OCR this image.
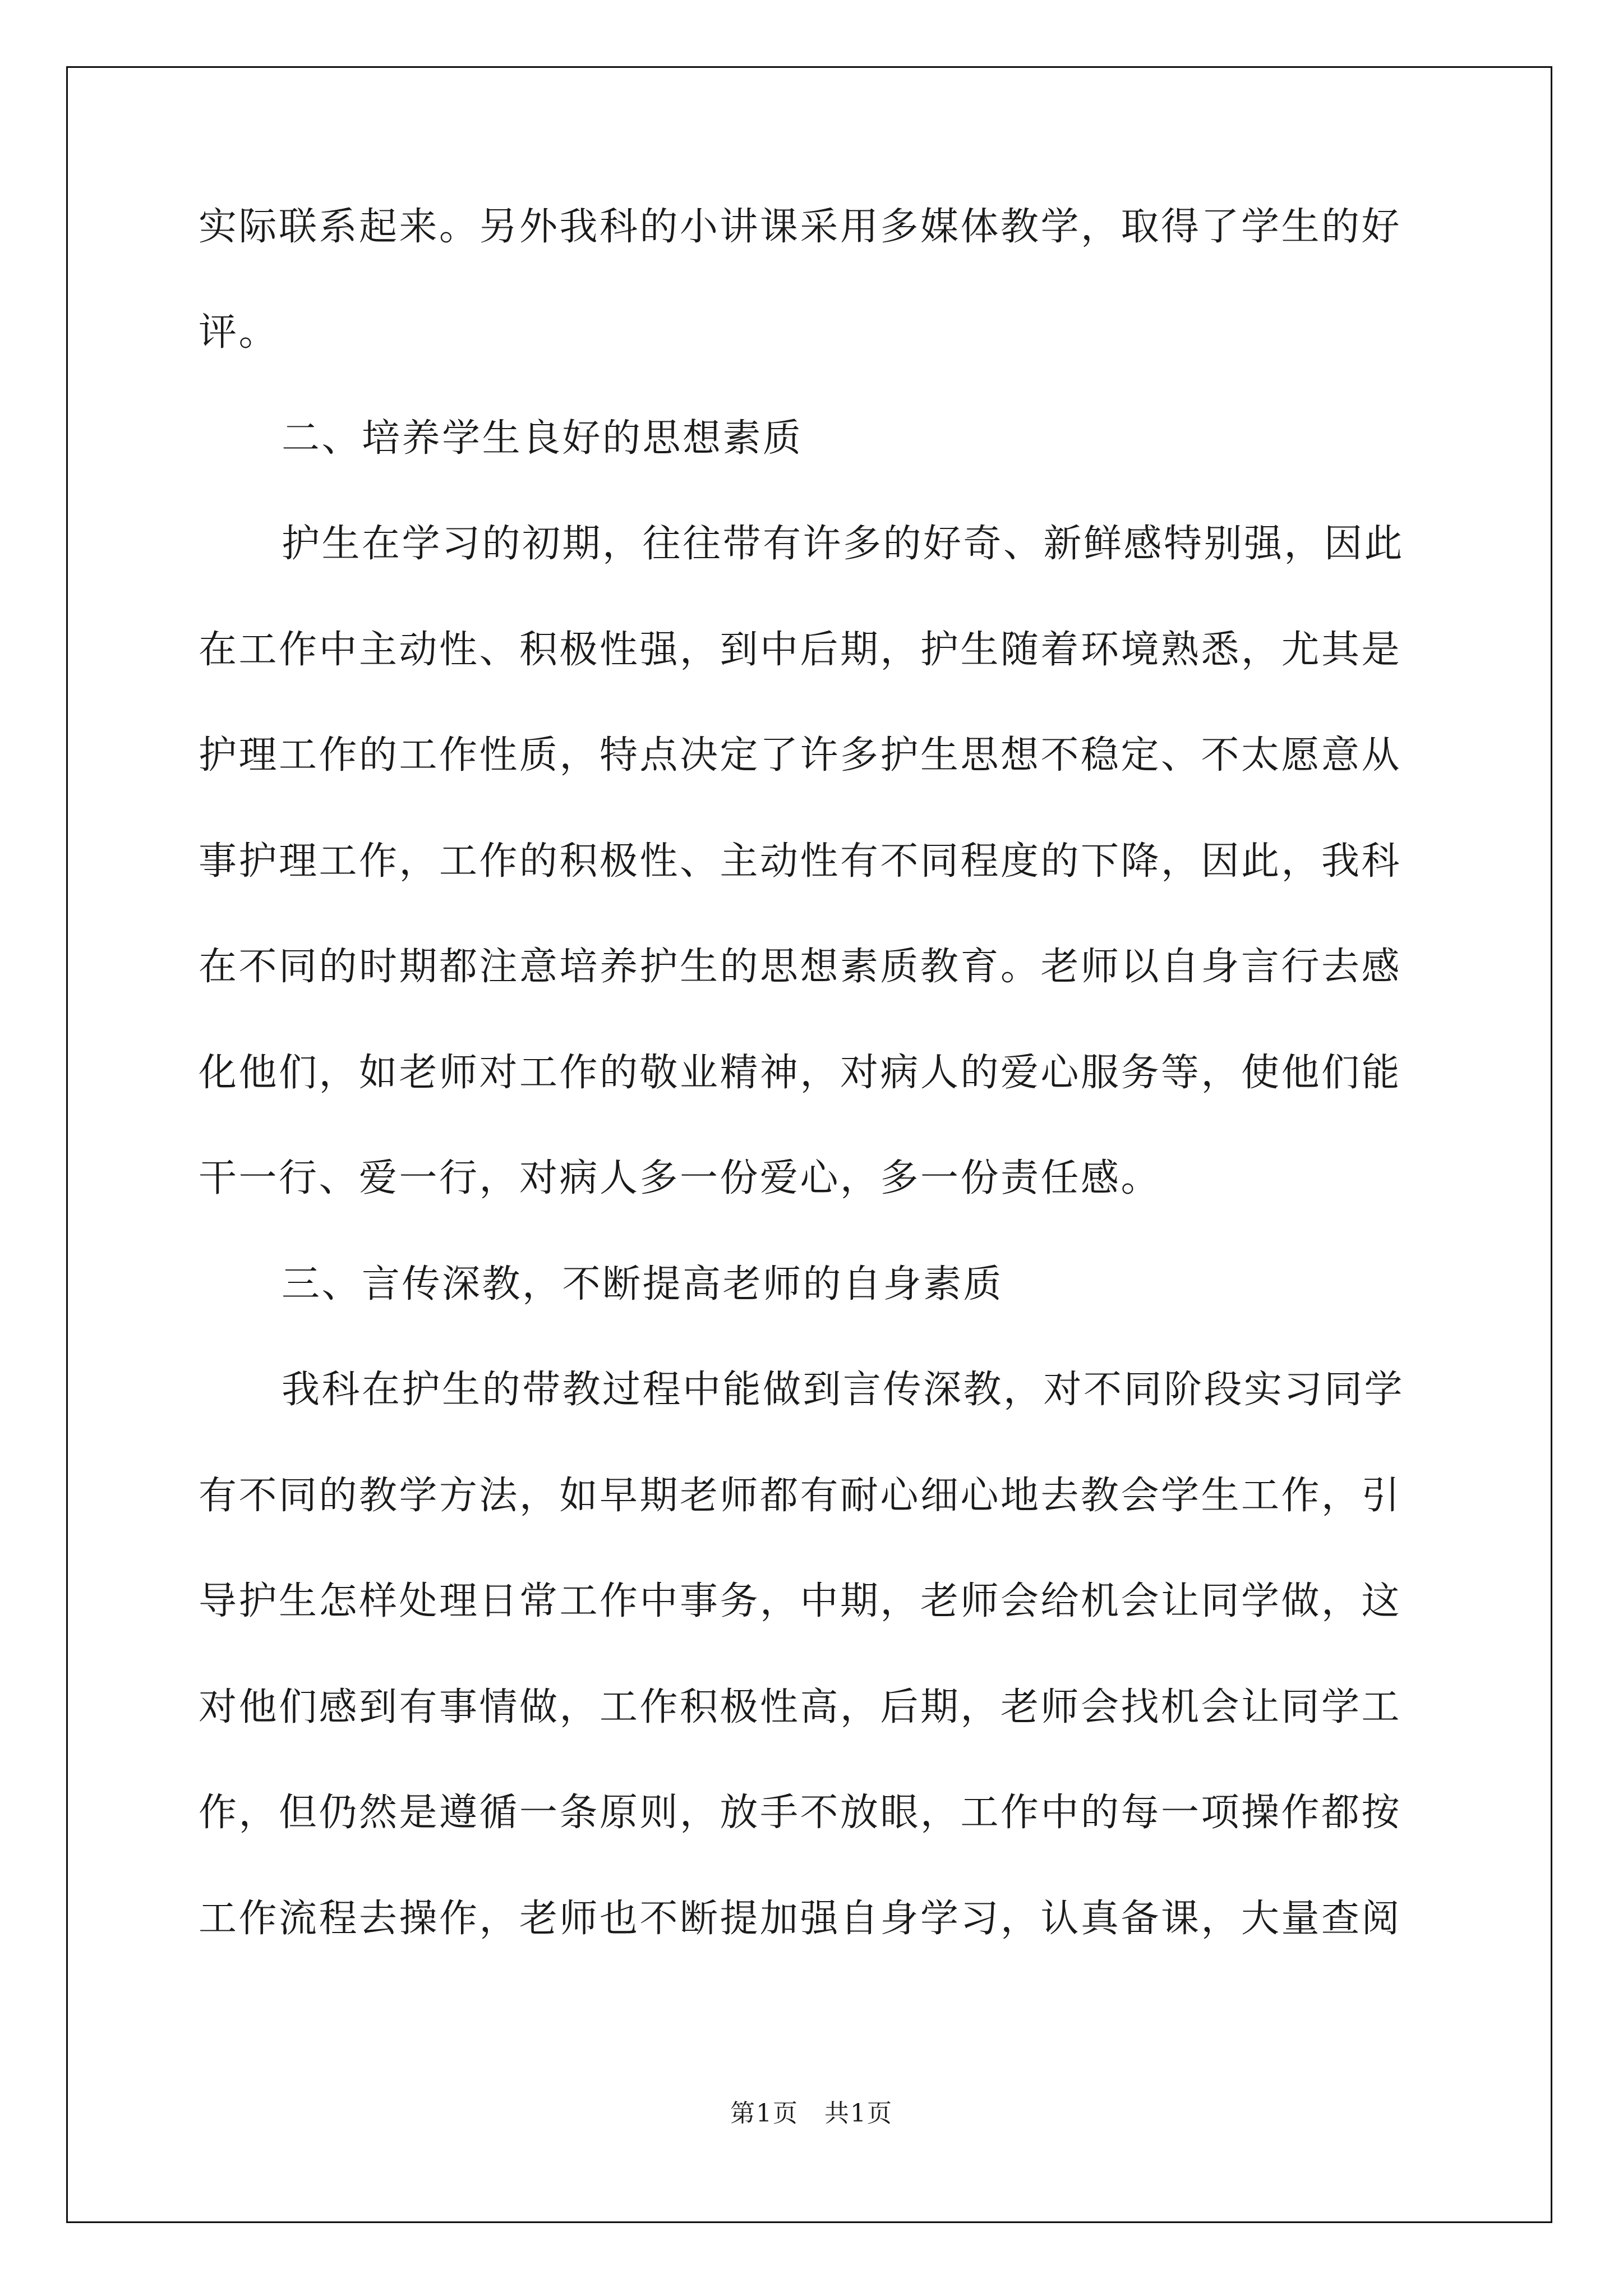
实际联系起来。另外我科的小讲课采用多媒体教学，取得了学生的好
评。
二、培养学生良好的思想素质
护生在学习的初期，往往带有许多的好奇、新鲜感特别强，因此
在工作中主动性、积极性强，到中后期，护生随着环境熟悉，尤其是
护理工作的工作性质，特点决定了许多护生思想不稳定、不太愿意从
事护理工作，工作的积极性、主动性有不同程度的下降，因此，我科
在不同的时期都注意培养护生的思想素质教育。老师以自身言行去感
化他们，如老师对工作的敬业精神，对病人的爱心服务等，使他们能
干一行、爱一行，对病人多一份爱心，多一份责任感。
三、言传深教，不断提高老师的自身素质
我科在护生的带教过程中能做到言传深教，对不同阶段实习同学
有不同的教学方法，如早期老师都有耐心细心地去教会学生工作，引
导护生怎样处理日常工作中事务，中期，老师会给机会让同学做，这
对他们感到有事情做，工作积极性高，后期，老师会找机会让同学工
作，但仍然是遵循一条原则，放手不放眼，工作中的每一项操作都按
工作流程去操作，老师也不断提加强自身学习，认真备课，大量查阅
第1页　共1页
